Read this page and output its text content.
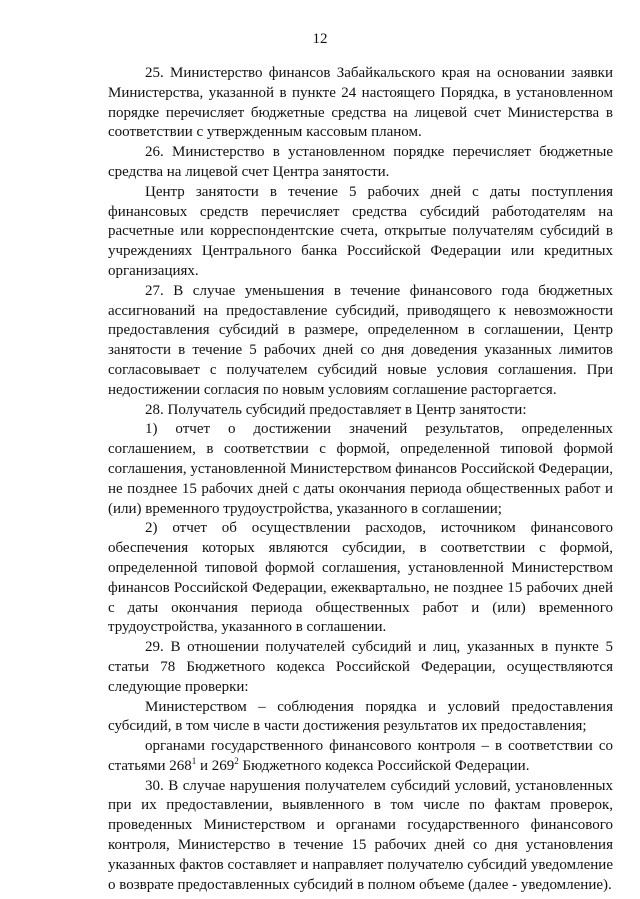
12

25. Министерство финансов Забайкальского края на основании заявки Министерства, указанной в пункте 24 настоящего Порядка, в установленном порядке перечисляет бюджетные средства на лицевой счет Министерства в соответствии с утвержденным кассовым планом.

26. Министерство в установленном порядке перечисляет бюджетные средства на лицевой счет Центра занятости.

Центр занятости в течение 5 рабочих дней с даты поступления финансовых средств перечисляет средства субсидий работодателям на расчетные или корреспондентские счета, открытые получателям субсидий в учреждениях Центрального банка Российской Федерации или кредитных организациях.

27. В случае уменьшения в течение финансового года бюджетных ассигнований на предоставление субсидий, приводящего к невозможности предоставления субсидий в размере, определенном в соглашении, Центр занятости в течение 5 рабочих дней со дня доведения указанных лимитов согласовывает с получателем субсидий новые условия соглашения. При недостижении согласия по новым условиям соглашение расторгается.

28. Получатель субсидий предоставляет в Центр занятости:

1) отчет о достижении значений результатов, определенных соглашением, в соответствии с формой, определенной типовой формой соглашения, установленной Министерством финансов Российской Федерации, не позднее 15 рабочих дней с даты окончания периода общественных работ и (или) временного трудоустройства, указанного в соглашении;

2) отчет об осуществлении расходов, источником финансового обеспечения которых являются субсидии, в соответствии с формой, определенной типовой формой соглашения, установленной Министерством финансов Российской Федерации, ежеквартально, не позднее 15 рабочих дней с даты окончания периода общественных работ и (или) временного трудоустройства, указанного в соглашении.

29. В отношении получателей субсидий и лиц, указанных в пункте 5 статьи 78 Бюджетного кодекса Российской Федерации, осуществляются следующие проверки:

Министерством – соблюдения порядка и условий предоставления субсидий, в том числе в части достижения результатов их предоставления;

органами государственного финансового контроля – в соответствии со статьями $268^1$ и $269^2$ Бюджетного кодекса Российской Федерации.

30. В случае нарушения получателем субсидий условий, установленных при их предоставлении, выявленного в том числе по фактам проверок, проведенных Министерством и органами государственного финансового контроля, Министерство в течение 15 рабочих дней со дня установления указанных фактов составляет и направляет получателю субсидий уведомление о возврате предоставленных субсидий в полном объеме (далее - уведомление).
